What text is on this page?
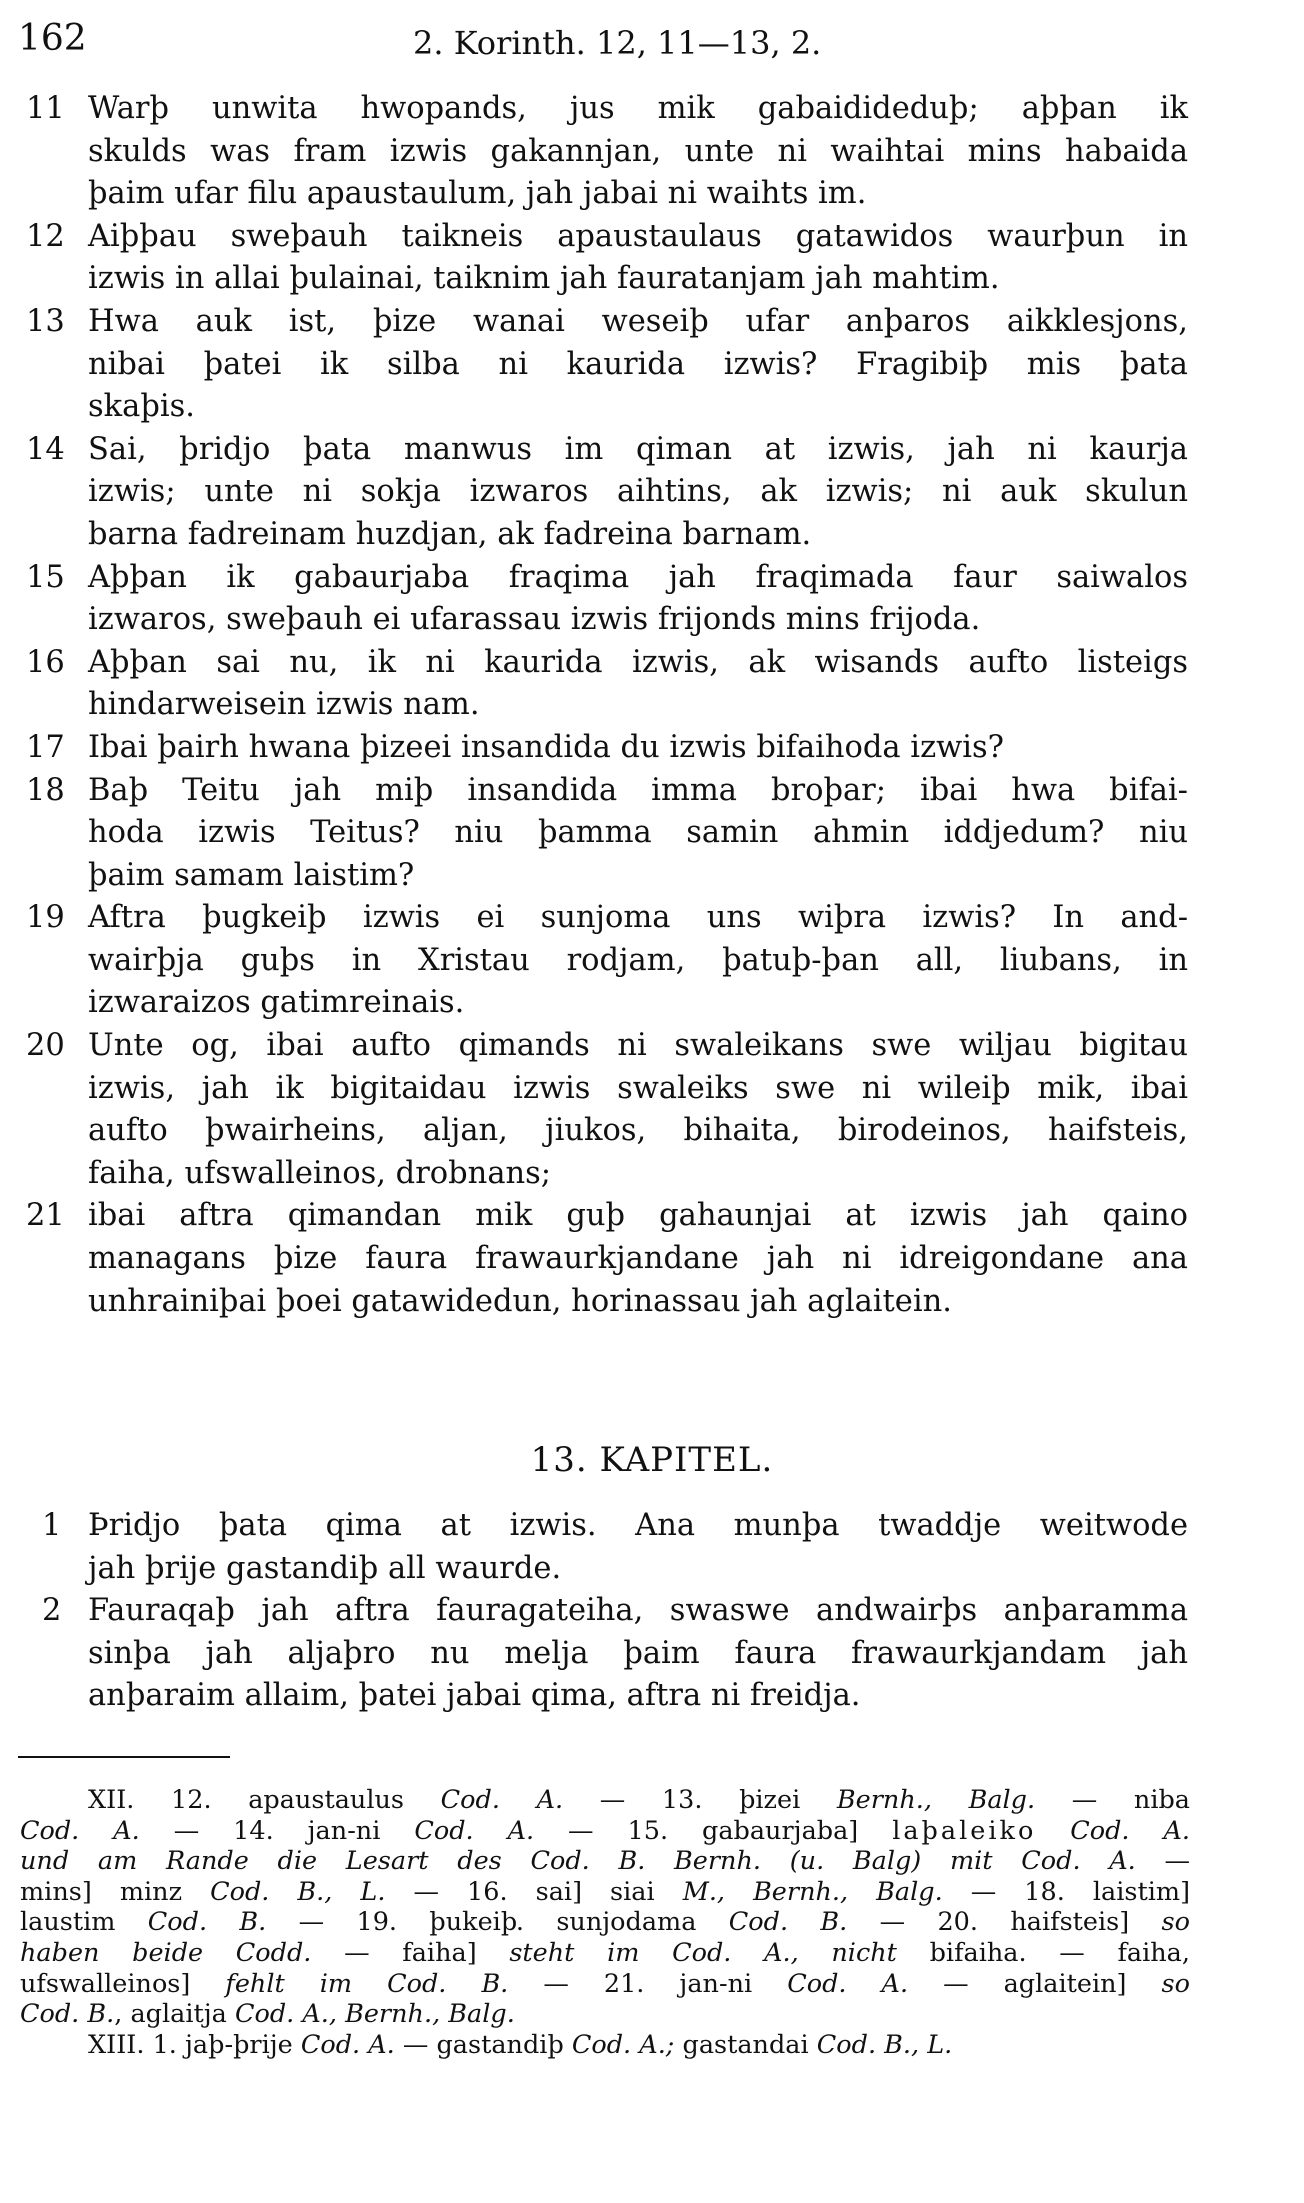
162	2. Korinth. 12, 11—13, 2.
11 Warþ unwita hwopands, jus mik gabaidideduþ; aþþan ik
skulds was fram izwis gakannjan, unte ni waihtai mins habaida
þaim ufar filu apaustaulum, jah jabai ni waihts im.
12 Aiþþau sweþauh taikneis apaustaulaus gatawidos waurþun in
izwis in allai þulainai, taiknim jah fauratanjam jah mahtim.
13 Hwa auk ist, þize wanai weseiþ ufar anþaros aikklesjons,
nibai þatei ik silba ni kaurida izwis? Fragibiþ mis þata
skaþis.
14 Sai, þridjo þata manwus im qiman at izwis, jah ni kaurja
izwis; unte ni sokja izwaros aihtins, ak izwis; ni auk skulun
barna fadreinam huzdjan, ak fadreina barnam.
15 Aþþan ik gabaurjaba fraqima jah fraqimada faur saiwalos
izwaros, sweþauh ei ufarassau izwis frijonds mins frijoda.
16 Aþþan sai nu, ik ni kaurida izwis, ak wisands aufto listeigs
hindarweisein izwis nam.
17 Ibai þairh hwana þizeei insandida du izwis bifaihoda izwis?
18 Baþ Teitu jah miþ insandida imma broþar; ibai hwa bifai-
hoda izwis Teitus? niu þamma samin ahmin iddjedum? niu
þaim samam laistim?
19 Aftra þugkeiþ izwis ei sunjoma uns wiþra izwis? In and-
wairþja guþs in Xristau rodjam, þatuþ-þan all, liubans, in
izwaraizos gatimreinais.
20 Unte og, ibai aufto qimands ni swaleikans swe wiljau bigitau
izwis, jah ik bigitaidau izwis swaleiks swe ni wileiþ mik, ibai
aufto þwairheins, aljan, jiukos, bihaita, birodeinos, haifsteis,
faiha, ufswalleinos, drobnans;
21 ibai aftra qimandan mik guþ gahaunjai at izwis jah qaino
managans þize faura frawaurkjandane jah ni idreigondane ana
unhrainiþai þoei gatawidedun, horinassau jah aglaitein.
13. KAPITEL.
1 Þridjo þata qima at izwis. Ana munþa twaddje weitwode
jah þrije gastandiþ all waurde.
2 Fauraqaþ jah aftra fauragateiha, swaswe andwairþs anþaramma
sinþa jah aljaþro nu melja þaim faura frawaurkjandam jah
anþaraim allaim, þatei jabai qima, aftra ni freidja.
XII. 12. apaustaulus Cod. A. — 13. þizei Bernh., Balg. — niba
Cod. A. — 14. jan-ni Cod. A. — 15. gabaurjaba] laþaleiko Cod. A.
und am Rande die Lesart des Cod. B. Bernh. (u. Balg) mit Cod. A. —
mins] minz Cod. B., L. — 16. sai] siai M., Bernh., Balg. — 18. laistim]
laustim Cod. B. — 19. þukeiþ. sunjodama Cod. B. — 20. haifsteis] so
haben beide Codd. — faiha] steht im Cod. A., nicht bifaiha. — faiha,
ufswalleinos] fehlt im Cod. B. — 21. jan-ni Cod. A. — aglaitein] so
Cod. B., aglaitja Cod. A., Bernh., Balg.
XIII. 1. jaþ-þrije Cod. A. — gastandiþ Cod. A.; gastandai Cod. B., L.
